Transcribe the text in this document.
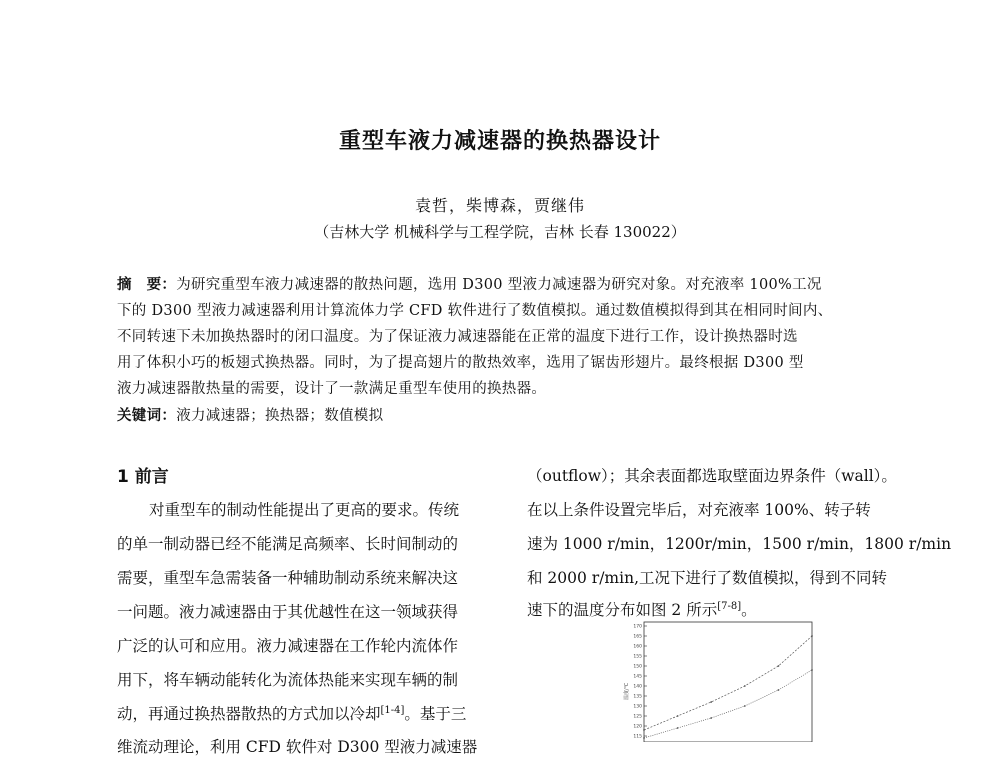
重型车液力减速器的换热器设计
袁哲，柴博森，贾继伟
（吉林大学 机械科学与工程学院，吉林 长春 130022）
摘　要：为研究重型车液力减速器的散热问题，选用 D300 型液力减速器为研究对象。对充液率 100%工况
下的 D300 型液力减速器利用计算流体力学 CFD 软件进行了数值模拟。通过数值模拟得到其在相同时间内、
不同转速下未加换热器时的闭口温度。为了保证液力减速器能在正常的温度下进行工作，设计换热器时选
用了体积小巧的板翅式换热器。同时，为了提高翅片的散热效率，选用了锯齿形翅片。最终根据 D300 型
液力减速器散热量的需要，设计了一款满足重型车使用的换热器。
关键词：液力减速器；换热器；数值模拟
1 前言
对重型车的制动性能提出了更高的要求。传统
的单一制动器已经不能满足高频率、长时间制动的
需要，重型车急需装备一种辅助制动系统来解决这
一问题。液力减速器由于其优越性在这一领域获得
广泛的认可和应用。液力减速器在工作轮内流体作
用下，将车辆动能转化为流体热能来实现车辆的制
动，再通过换热器散热的方式加以冷却[1-4]。基于三
维流动理论，利用 CFD 软件对 D300 型液力减速器
（outflow）；其余表面都选取壁面边界条件（wall）。
在以上条件设置完毕后，对充液率 100%、转子转
速为 1000 r/min，1200r/min，1500 r/min，1800 r/min
和 2000 r/min,工况下进行了数值模拟，得到不同转
速下的温度分布如图 2 所示[7-8]。
温度/℃
170
165
160
155
150
145
140
135
130
125
120
115
